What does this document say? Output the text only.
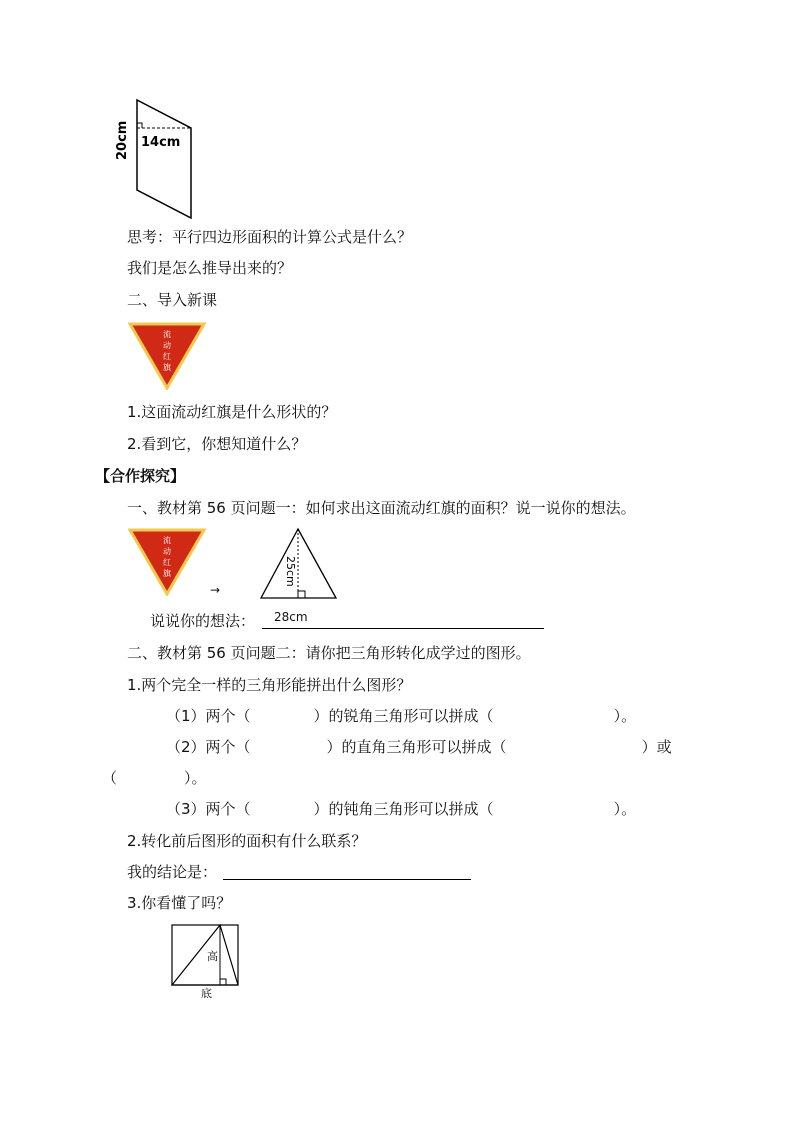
14cm
20cm
思考：平行四边形面积的计算公式是什么？
我们是怎么推导出来的？
二、导入新课
流
动
红
旗
1.这面流动红旗是什么形状的？
2.看到它，你想知道什么？
【合作探究】
一、教材第 56 页问题一：如何求出这面流动红旗的面积？说一说你的想法。
流
动
红
旗
→
25cm
说说你的想法： 28cm
二、教材第 56 页问题二：请你把三角形转化成学过的图形。
1.两个完全一样的三角形能拼出什么图形？
（1）两个（	）的锐角三角形可以拼成（	）。
（2）两个（	）的直角三角形可以拼成（	）或
（	）。
（3）两个（	）的钝角三角形可以拼成（	）。
2.转化前后图形的面积有什么联系？
我的结论是：
3.你看懂了吗？
高
底
